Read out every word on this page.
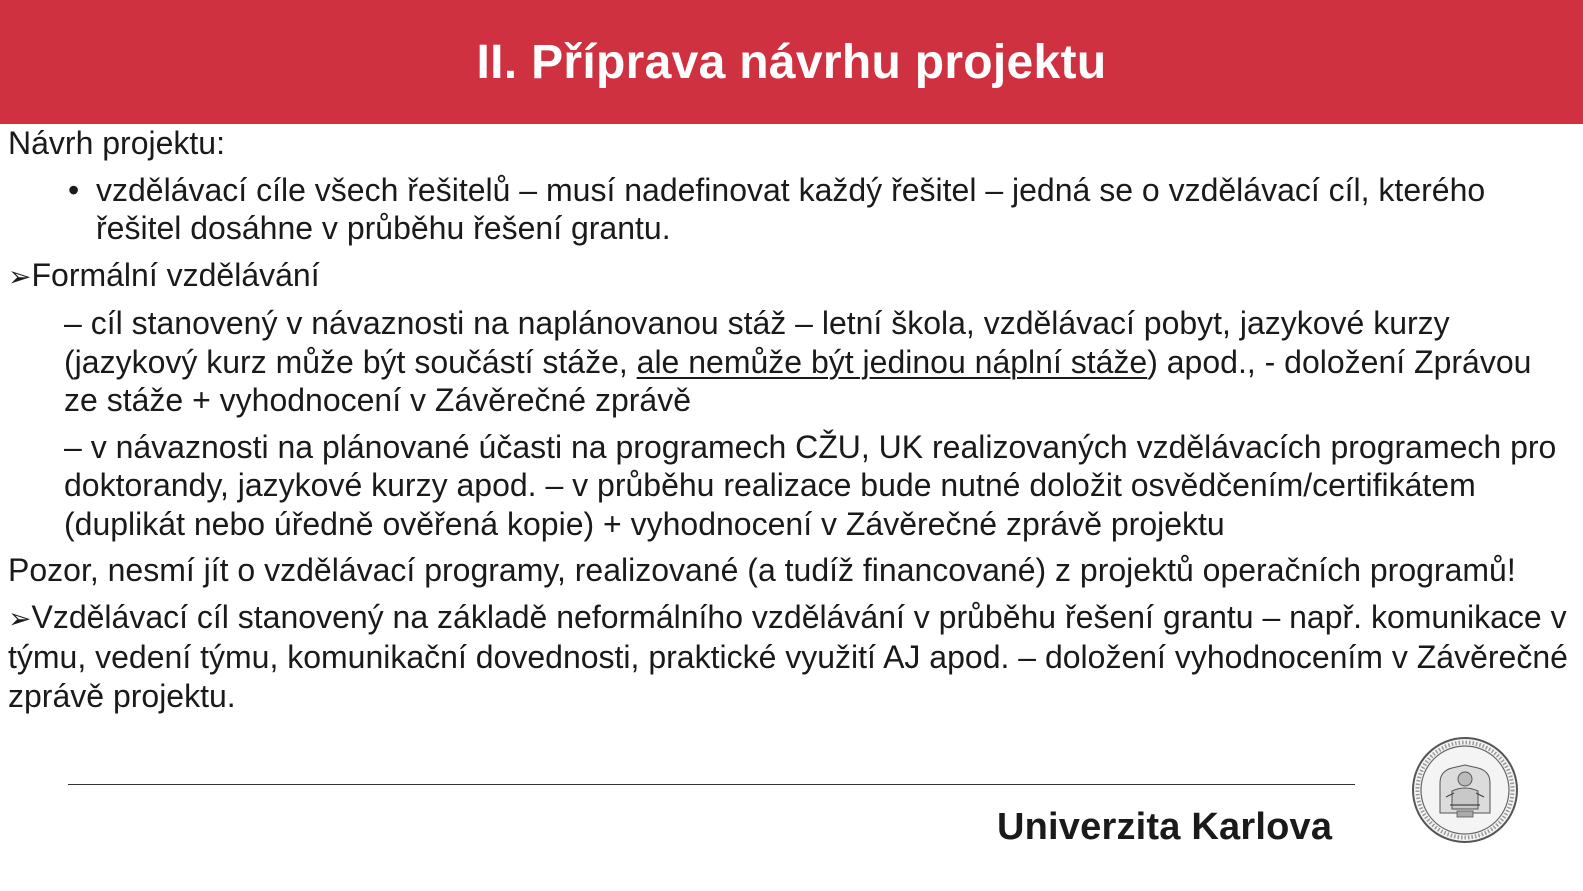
II. Příprava návrhu projektu

Návrh projektu:

• vzdělávací cíle všech řešitelů – musí nadefinovat každý řešitel – jedná se o vzdělávací cíl, kterého řešitel dosáhne v průběhu řešení grantu.

➢Formální vzdělávání

– cíl stanovený v návaznosti na naplánovanou stáž – letní škola, vzdělávací pobyt, jazykové kurzy (jazykový kurz může být součástí stáže, ale nemůže být jedinou náplní stáže) apod., - doložení Zprávou ze stáže + vyhodnocení v Závěrečné zprávě

– v návaznosti na plánované účasti na programech CŽU, UK realizovaných vzdělávacích programech pro doktorandy, jazykové kurzy apod. – v průběhu realizace bude nutné doložit osvědčením/certifikátem (duplikát nebo úředně ověřená kopie) + vyhodnocení v Závěrečné zprávě projektu

Pozor, nesmí jít o vzdělávací programy, realizované (a tudíž financované) z projektů operačních programů!

➢Vzdělávací cíl stanovený na základě neformálního vzdělávání v průběhu řešení grantu – např. komunikace v týmu, vedení týmu, komunikační dovednosti, praktické využití AJ apod. – doložení vyhodnocením v Závěrečné zprávě projektu.

Univerzita Karlova
